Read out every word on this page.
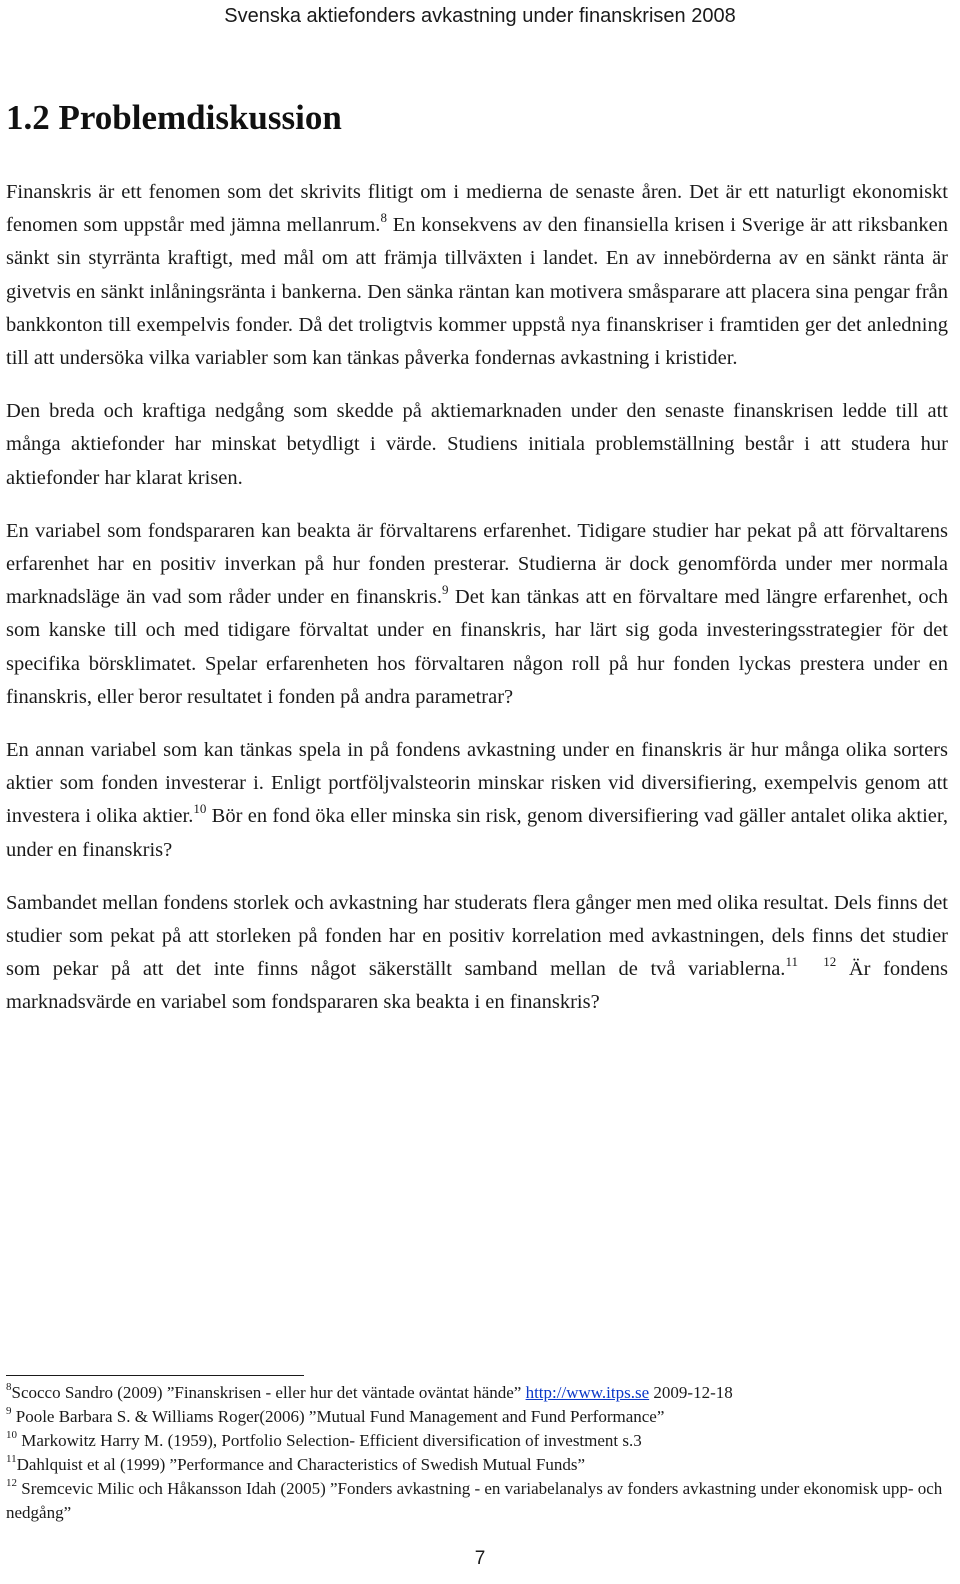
Svenska aktiefonders avkastning under finanskrisen 2008
1.2 Problemdiskussion

Finanskris är ett fenomen som det skrivits flitigt om i medierna de senaste åren. Det är ett naturligt ekonomiskt fenomen som uppstår med jämna mellanrum.$^8$ En konsekvens av den finansiella krisen i Sverige är att riksbanken sänkt sin styrränta kraftigt, med mål om att främja tillväxten i landet. En av innebörderna av en sänkt ränta är givetvis en sänkt inlåningsränta i bankerna. Den sänka räntan kan motivera småsparare att placera sina pengar från bankkonton till exempelvis fonder. Då det troligtvis kommer uppstå nya finanskriser i framtiden ger det anledning till att undersöka vilka variabler som kan tänkas påverka fondernas avkastning i kristider.

Den breda och kraftiga nedgång som skedde på aktiemarknaden under den senaste finanskrisen ledde till att många aktiefonder har minskat betydligt i värde. Studiens initiala problemställning består i att studera hur aktiefonder har klarat krisen.

En variabel som fondspararen kan beakta är förvaltarens erfarenhet. Tidigare studier har pekat på att förvaltarens erfarenhet har en positiv inverkan på hur fonden presterar. Studierna är dock genomförda under mer normala marknadsläge än vad som råder under en finanskris.$^9$ Det kan tänkas att en förvaltare med längre erfarenhet, och som kanske till och med tidigare förvaltat under en finanskris, har lärt sig goda investeringsstrategier för det specifika börsklimatet. Spelar erfarenheten hos förvaltaren någon roll på hur fonden lyckas prestera under en finanskris, eller beror resultatet i fonden på andra parametrar?

En annan variabel som kan tänkas spela in på fondens avkastning under en finanskris är hur många olika sorters aktier som fonden investerar i. Enligt portföljvalsteorin minskar risken vid diversifiering, exempelvis genom att investera i olika aktier.$^{10}$ Bör en fond öka eller minska sin risk, genom diversifiering vad gäller antalet olika aktier, under en finanskris?

Sambandet mellan fondens storlek och avkastning har studerats flera gånger men med olika resultat. Dels finns det studier som pekat på att storleken på fonden har en positiv korrelation med avkastningen, dels finns det studier som pekar på att det inte finns något säkerställt samband mellan de två variablerna.$^{11}$ $^{12}$ Är fondens marknadsvärde en variabel som fondspararen ska beakta i en finanskris?

$^8$Scocco Sandro (2009) ”Finanskrisen - eller hur det väntade oväntat hände” http://www.itps.se 2009-12-18

$^9$ Poole Barbara S. & Williams Roger(2006) ”Mutual Fund Management and Fund Performance”

$^{10}$ Markowitz Harry M. (1959), Portfolio Selection- Efficient diversification of investment s.3

$^{11}$Dahlquist et al (1999) ”Performance and Characteristics of Swedish Mutual Funds”

$^{12}$ Sremcevic Milic och Håkansson Idah (2005) ”Fonders avkastning - en variabelanalys av fonders avkastning under ekonomisk upp- och nedgång”

7
